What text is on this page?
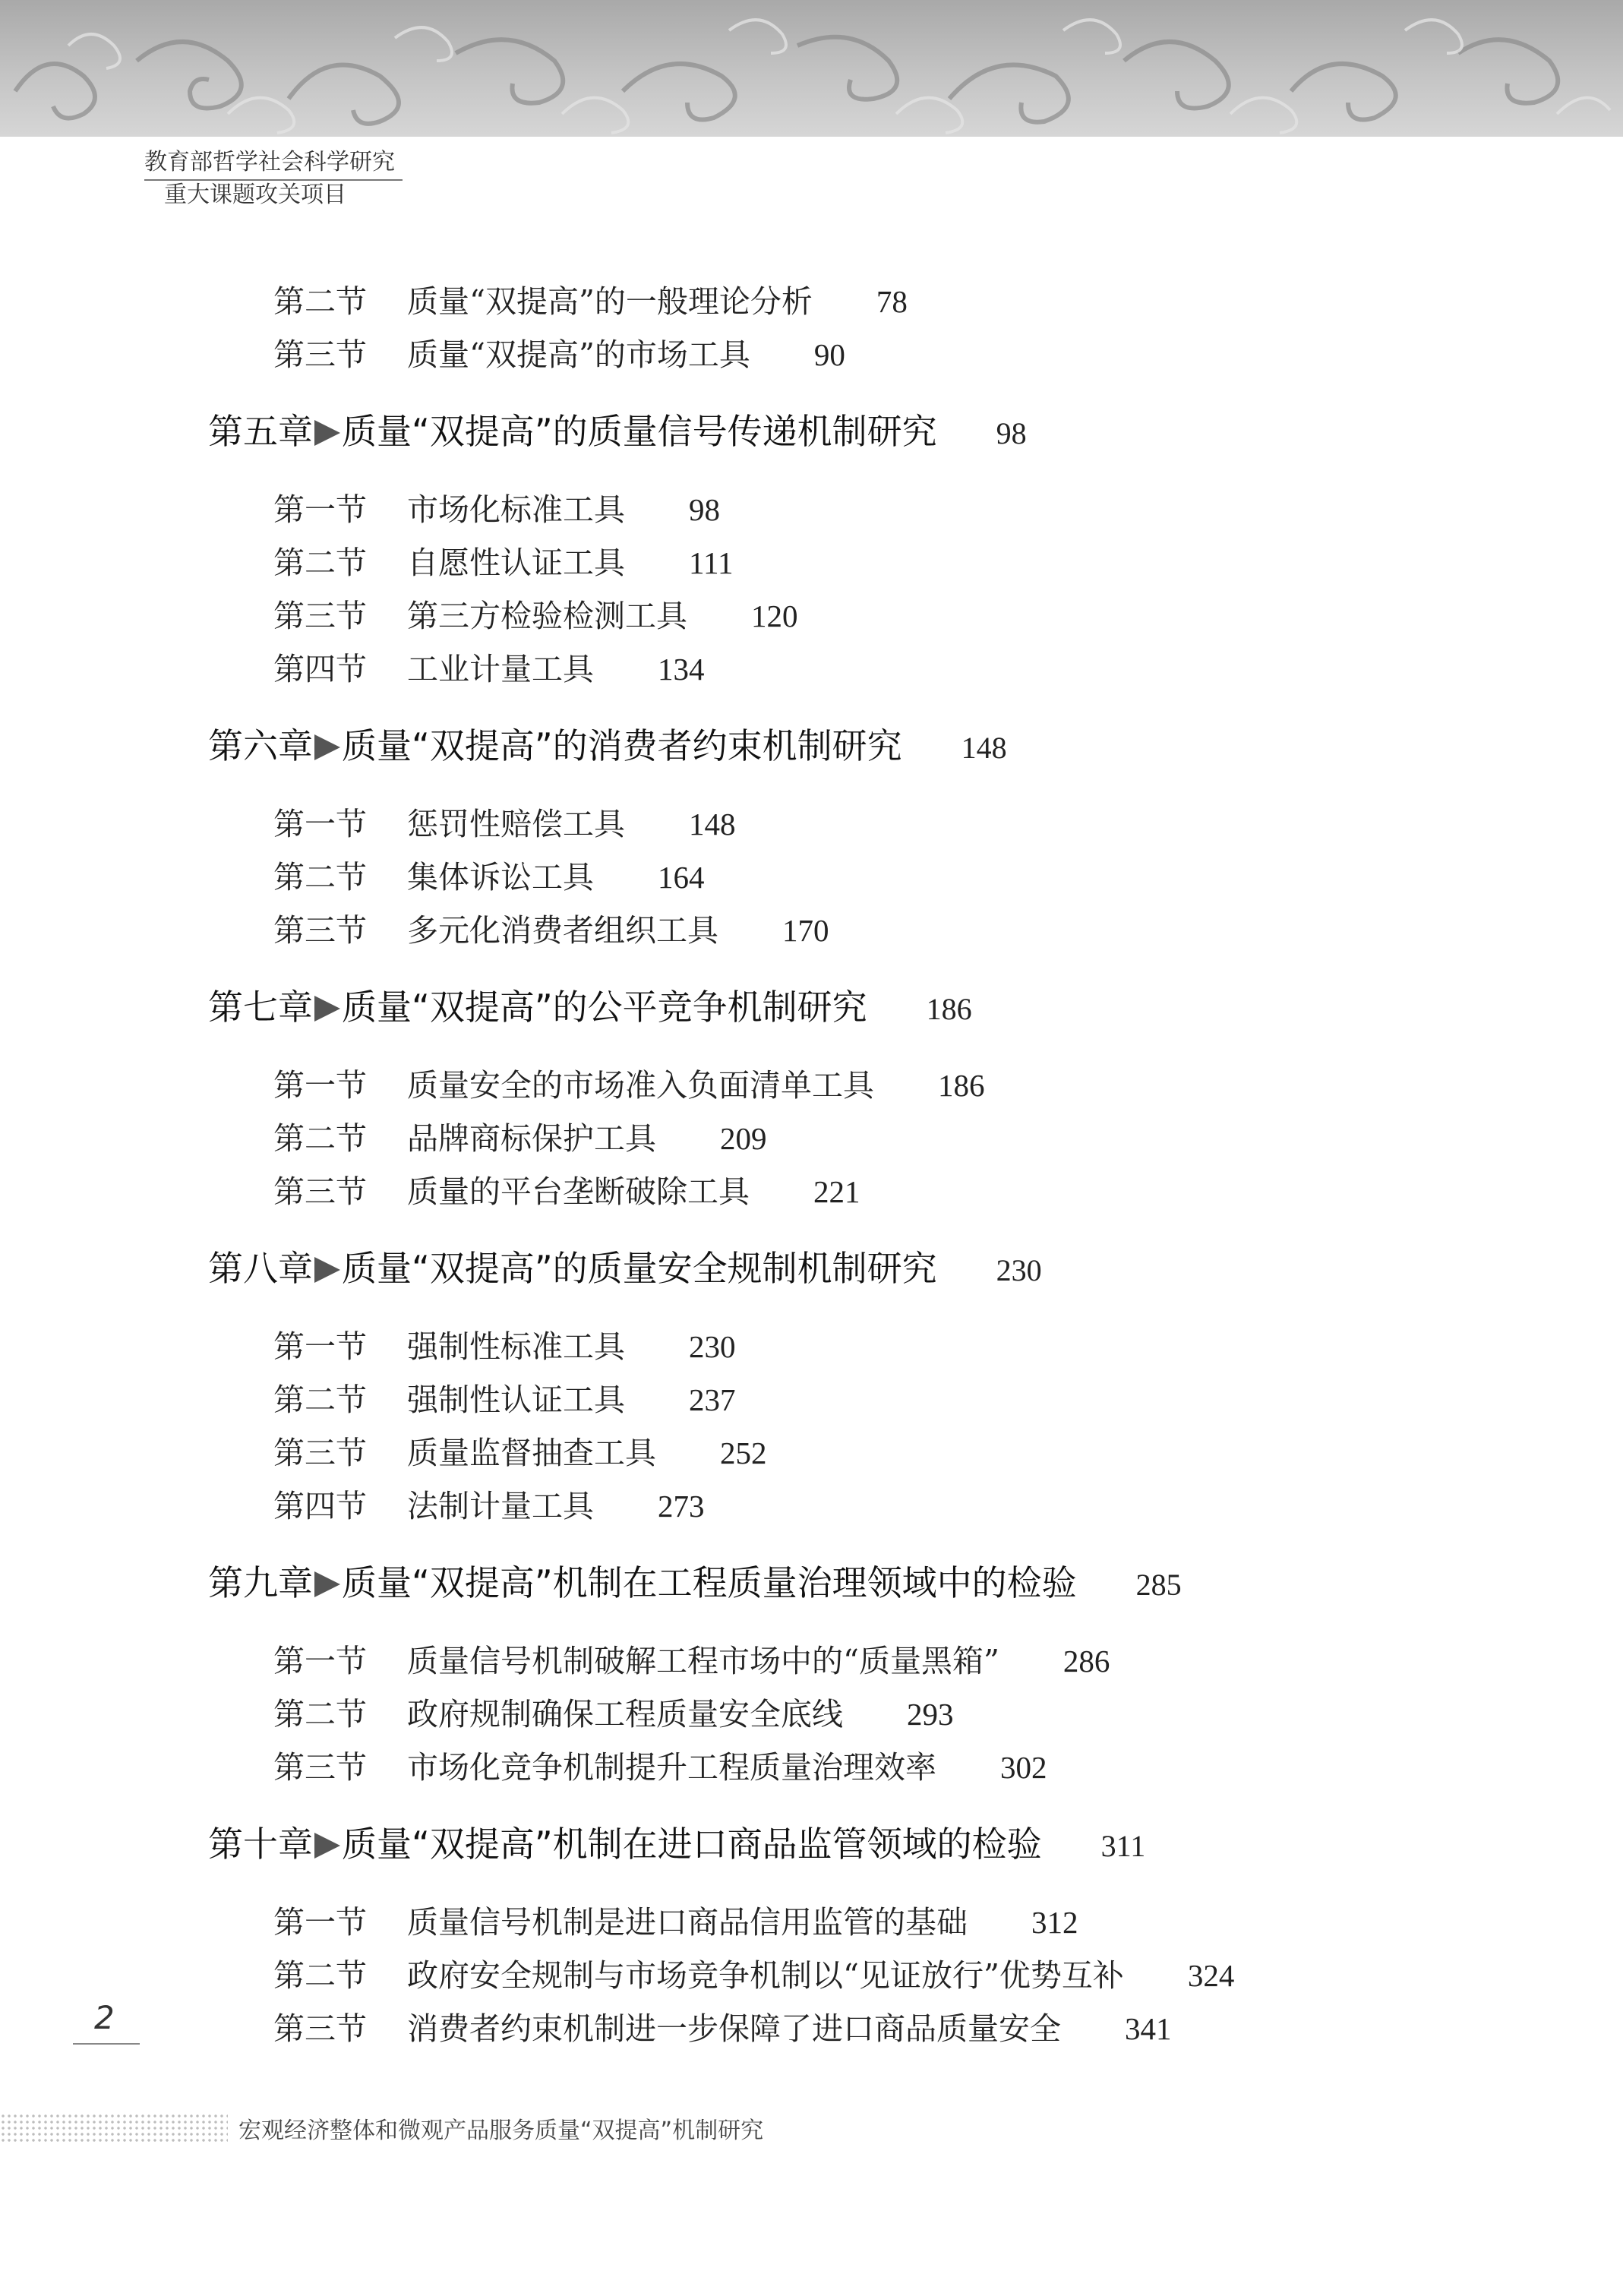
教育部哲学社会科学研究
重大课题攻关项目
第二节 质量“双提高”的一般理论分析 78
第三节 质量“双提高”的市场工具 90
第五章 质量“双提高”的质量信号传递机制研究 98
第一节 市场化标准工具 98
第二节 自愿性认证工具 111
第三节 第三方检验检测工具 120
第四节 工业计量工具 134
第六章 质量“双提高”的消费者约束机制研究 148
第一节 惩罚性赔偿工具 148
第二节 集体诉讼工具 164
第三节 多元化消费者组织工具 170
第七章 质量“双提高”的公平竞争机制研究 186
第一节 质量安全的市场准入负面清单工具 186
第二节 品牌商标保护工具 209
第三节 质量的平台垄断破除工具 221
第八章 质量“双提高”的质量安全规制机制研究 230
第一节 强制性标准工具 230
第二节 强制性认证工具 237
第三节 质量监督抽查工具 252
第四节 法制计量工具 273
第九章 质量“双提高”机制在工程质量治理领域中的检验 285
第一节 质量信号机制破解工程市场中的“质量黑箱” 286
第二节 政府规制确保工程质量安全底线 293
第三节 市场化竞争机制提升工程质量治理效率 302
第十章 质量“双提高”机制在进口商品监管领域的检验 311
第一节 质量信号机制是进口商品信用监管的基础 312
第二节 政府安全规制与市场竞争机制以“见证放行”优势互补 324
第三节 消费者约束机制进一步保障了进口商品质量安全 341
2
宏观经济整体和微观产品服务质量“双提高”机制研究
